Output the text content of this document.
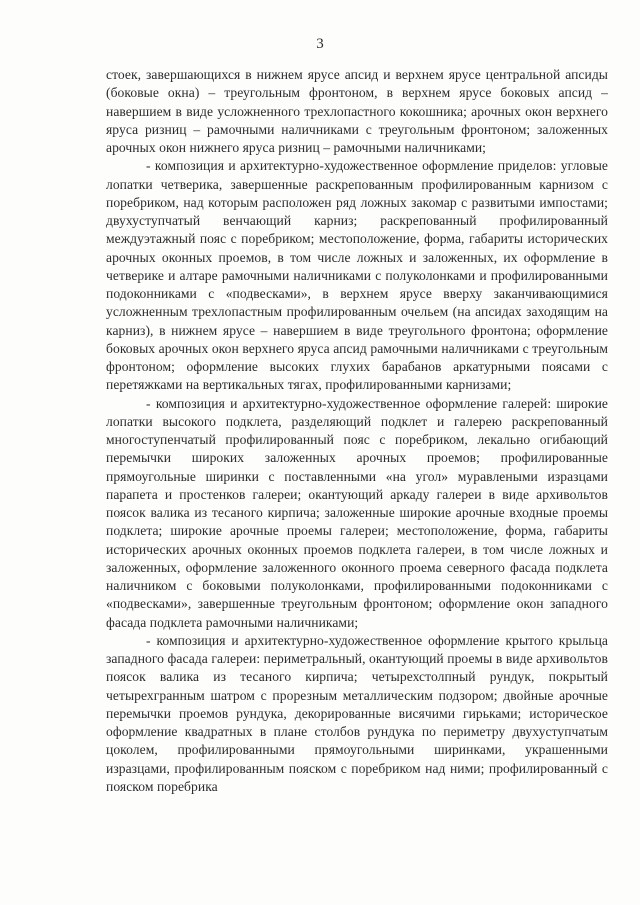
3

стоек, завершающихся в нижнем ярусе апсид и верхнем ярусе центральной апсиды (боковые окна) – треугольным фронтоном, в верхнем ярусе боковых апсид – навершием в виде усложненного трехлопастного кокошника; арочных окон верхнего яруса ризниц – рамочными наличниками с треугольным фронтоном; заложенных арочных окон нижнего яруса ризниц – рамочными наличниками;

- композиция и архитектурно-художественное оформление приделов: угловые лопатки четверика, завершенные раскрепованным профилированным карнизом с поребриком, над которым расположен ряд ложных закомар с развитыми импостами; двухуступчатый венчающий карниз; раскрепованный профилированный междуэтажный пояс с поребриком; местоположение, форма, габариты исторических арочных оконных проемов, в том числе ложных и заложенных, их оформление в четверике и алтаре рамочными наличниками с полуколонками и профилированными подоконниками с «подвесками», в верхнем ярусе вверху заканчивающимися усложненным трехлопастным профилированным очельем (на апсидах заходящим на карниз), в нижнем ярусе – навершием в виде треугольного фронтона; оформление боковых арочных окон верхнего яруса апсид рамочными наличниками с треугольным фронтоном; оформление высоких глухих барабанов аркатурными поясами с перетяжками на вертикальных тягах, профилированными карнизами;

- композиция и архитектурно-художественное оформление галерей: широкие лопатки высокого подклета, разделяющий подклет и галерею раскрепованный многоступенчатый профилированный пояс с поребриком, лекально огибающий перемычки широких заложенных арочных проемов; профилированные прямоугольные ширинки с поставленными «на угол» муравлеными изразцами парапета и простенков галереи; окантующий аркаду галереи в виде архивольтов поясок валика из тесаного кирпича; заложенные широкие арочные входные проемы подклета; широкие арочные проемы галереи; местоположение, форма, габариты исторических арочных оконных проемов подклета галереи, в том числе ложных и заложенных, оформление заложенного оконного проема северного фасада подклета наличником с боковыми полуколонками, профилированными подоконниками с «подвесками», завершенные треугольным фронтоном; оформление окон западного фасада подклета рамочными наличниками;

- композиция и архитектурно-художественное оформление крытого крыльца западного фасада галереи: периметральный, окантующий проемы в виде архивольтов поясок валика из тесаного кирпича; четырехстолпный рундук, покрытый четырехгранным шатром с прорезным металлическим подзором; двойные арочные перемычки проемов рундука, декорированные висячими гирьками; историческое оформление квадратных в плане столбов рундука по периметру двухуступчатым цоколем, профилированными прямоугольными ширинками, украшенными изразцами, профилированным пояском с поребриком над ними; профилированный с пояском поребрика
